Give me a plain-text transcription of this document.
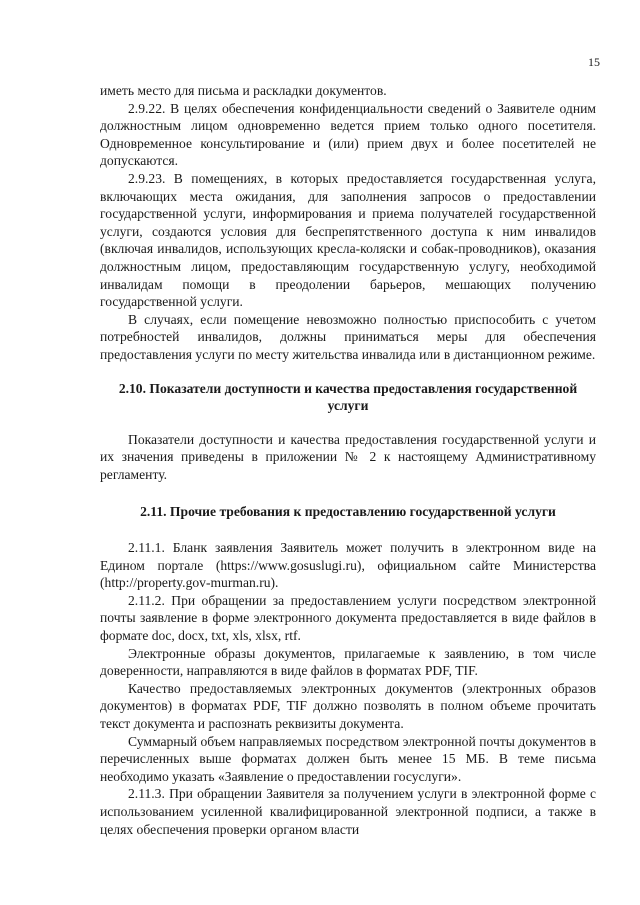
15

иметь место для письма и раскладки документов.

2.9.22. В целях обеспечения конфиденциальности сведений о Заявителе одним должностным лицом одновременно ведется прием только одного посетителя. Одновременное консультирование и (или) прием двух и более посетителей не допускаются.

2.9.23. В помещениях, в которых предоставляется государственная услуга, включающих места ожидания, для заполнения запросов о предоставлении государственной услуги, информирования и приема получателей государственной услуги, создаются условия для беспрепятственного доступа к ним инвалидов (включая инвалидов, использующих кресла-коляски и собак-проводников), оказания должностным лицом, предоставляющим государственную услугу, необходимой инвалидам помощи в преодолении барьеров, мешающих получению государственной услуги.

В случаях, если помещение невозможно полностью приспособить с учетом потребностей инвалидов, должны приниматься меры для обеспечения предоставления услуги по месту жительства инвалида или в дистанционном режиме.

2.10. Показатели доступности и качества предоставления государственной услуги

Показатели доступности и качества предоставления государственной услуги и их значения приведены в приложении № 2 к настоящему Административному регламенту.

2.11. Прочие требования к предоставлению государственной услуги

2.11.1. Бланк заявления Заявитель может получить в электронном виде на Едином портале (https://www.gosuslugi.ru), официальном сайте Министерства (http://property.gov-murman.ru).

2.11.2. При обращении за предоставлением услуги посредством электронной почты заявление в форме электронного документа предоставляется в виде файлов в формате doc, docx, txt, xls, xlsx, rtf.

Электронные образы документов, прилагаемые к заявлению, в том числе доверенности, направляются в виде файлов в форматах PDF, TIF.

Качество предоставляемых электронных документов (электронных образов документов) в форматах PDF, TIF должно позволять в полном объеме прочитать текст документа и распознать реквизиты документа.

Суммарный объем направляемых посредством электронной почты документов в перечисленных выше форматах должен быть менее 15 МБ. В теме письма необходимо указать «Заявление о предоставлении госуслуги».

2.11.3. При обращении Заявителя за получением услуги в электронной форме с использованием усиленной квалифицированной электронной подписи, а также в целях обеспечения проверки органом власти
